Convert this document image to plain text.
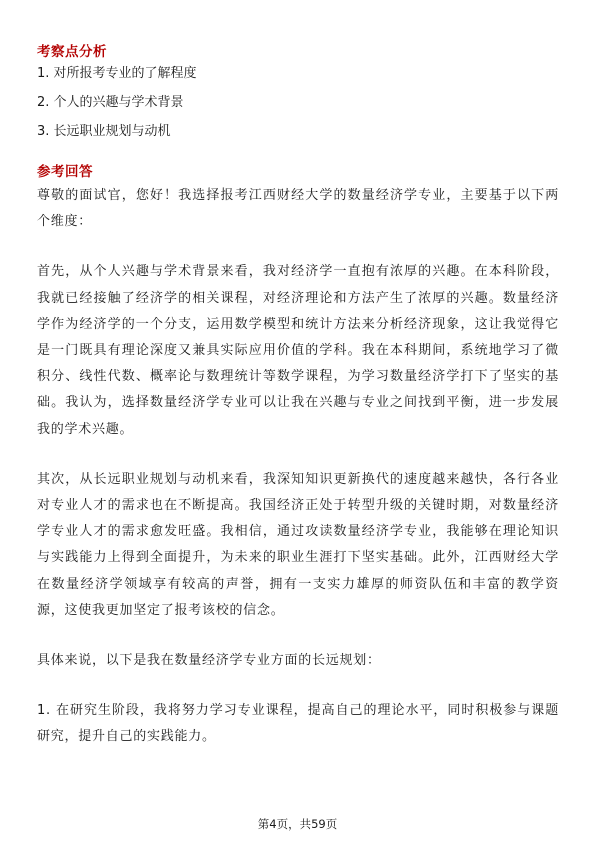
考察点分析
1. 对所报考专业的了解程度
2. 个人的兴趣与学术背景
3. 长远职业规划与动机
参考回答

尊敬的面试官，您好！我选择报考江西财经大学的数量经济学专业，主要基于以下两个维度：

首先，从个人兴趣与学术背景来看，我对经济学一直抱有浓厚的兴趣。在本科阶段，我就已经接触了经济学的相关课程，对经济理论和方法产生了浓厚的兴趣。数量经济学作为经济学的一个分支，运用数学模型和统计方法来分析经济现象，这让我觉得它是一门既具有理论深度又兼具实际应用价值的学科。我在本科期间，系统地学习了微积分、线性代数、概率论与数理统计等数学课程，为学习数量经济学打下了坚实的基础。我认为，选择数量经济学专业可以让我在兴趣与专业之间找到平衡，进一步发展我的学术兴趣。

其次，从长远职业规划与动机来看，我深知知识更新换代的速度越来越快，各行各业对专业人才的需求也在不断提高。我国经济正处于转型升级的关键时期，对数量经济学专业人才的需求愈发旺盛。我相信，通过攻读数量经济学专业，我能够在理论知识与实践能力上得到全面提升，为未来的职业生涯打下坚实基础。此外，江西财经大学在数量经济学领域享有较高的声誉，拥有一支实力雄厚的师资队伍和丰富的教学资源，这使我更加坚定了报考该校的信念。

具体来说，以下是我在数量经济学专业方面的长远规划：

1. 在研究生阶段，我将努力学习专业课程，提高自己的理论水平，同时积极参与课题研究，提升自己的实践能力。

第4页，共59页
